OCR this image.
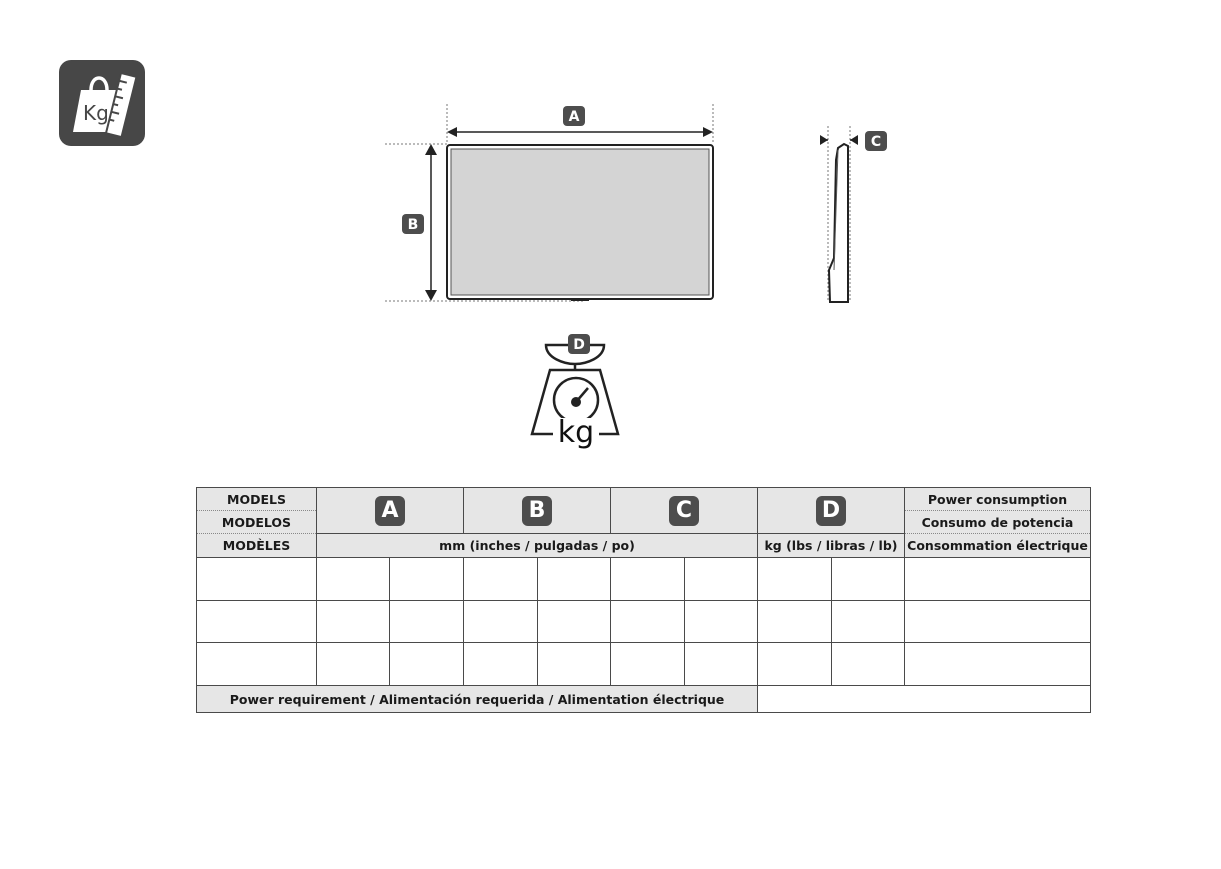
Kg	A
B
C
D
kg
MODELS	A		B		C		D		Power consumption
MODELOS									Consumo de potencia
MODÈLES	mm (inches / pulgadas / po)						kg (lbs / libras / lb)		Consommation électrique

Power requirement / Alimentación requerida / Alimentation électrique									
